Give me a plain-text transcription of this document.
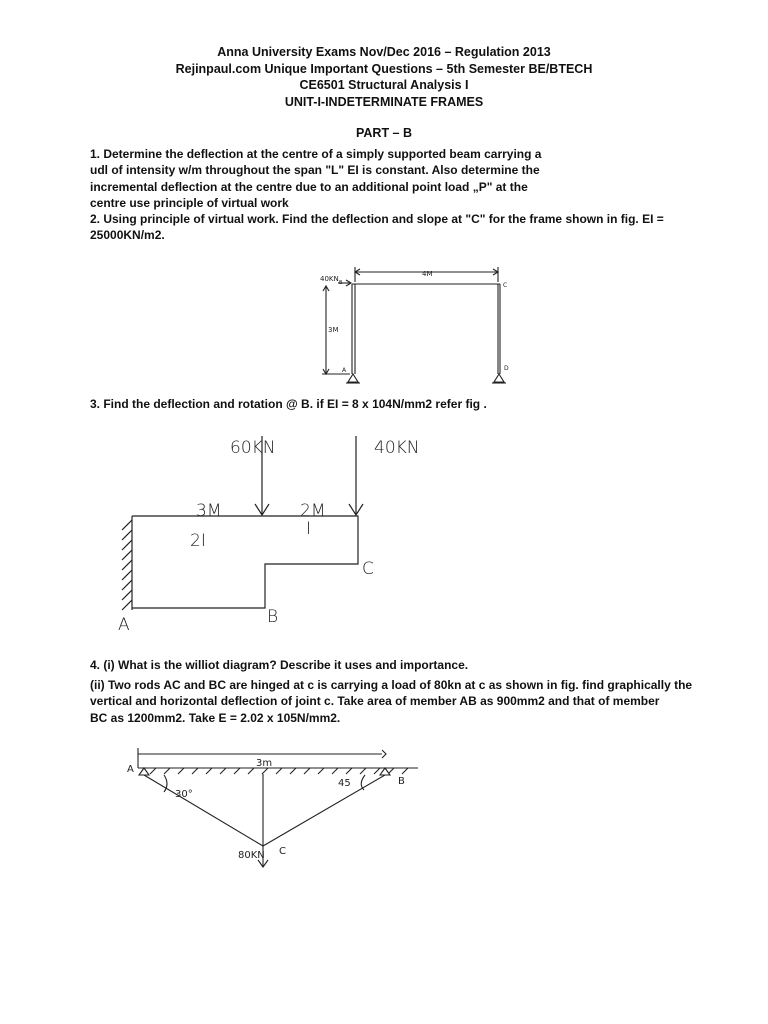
Anna University Exams Nov/Dec 2016 – Regulation 2013
Rejinpaul.com Unique Important Questions – 5th Semester BE/BTECH
CE6501 Structural Analysis I
UNIT-I-INDETERMINATE FRAMES
PART – B
1. Determine the deflection at the centre of a simply supported beam carrying a
udl of intensity w/m throughout the span "L" EI is constant. Also determine the
incremental deflection at the centre due to an additional point load „P" at the
centre use principle of virtual work
2. Using principle of virtual work. Find the deflection and slope at "C" for the frame shown in fig. EI =
25000KN/m2.
40KN B
4M
3M
C
A	D
3. Find the deflection and rotation @ B. if EI = 8 x 104N/mm2 refer fig .
60KN	40KN
3M	2M
2I
I
A	B
C
4. (i) What is the williot diagram? Describe it uses and importance.
(ii) Two rods AC and BC are hinged at c is carrying a load of 80kn at c as shown in fig. find graphically the
vertical and horizontal deflection of joint c. Take area of member AB as 900mm2 and that of member
BC as 1200mm2. Take E = 2.02 x 105N/mm2.
3m
A
B
30°
45
C
80KN
